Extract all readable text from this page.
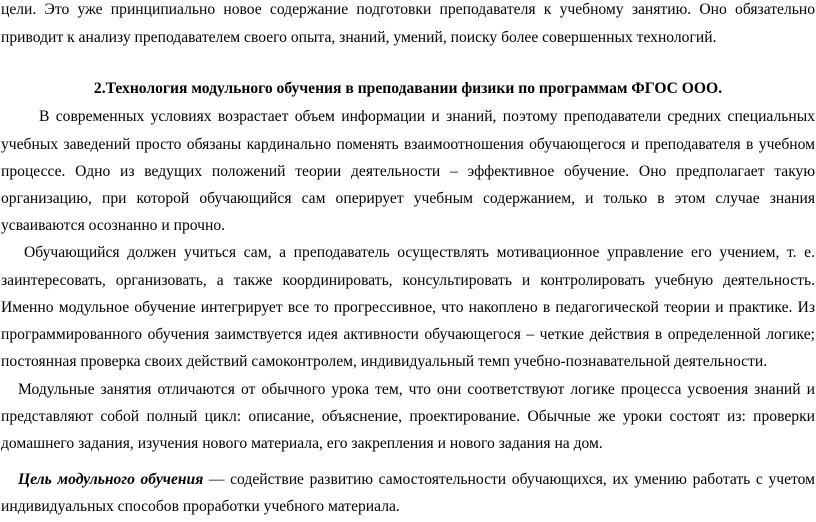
цели. Это уже принципиально новое содержание подготовки преподавателя к учебному занятию. Оно обязательно
приводит к анализу преподавателем своего опыта, знаний, умений, поиску более совершенных технологий.
2.Технология модульного обучения в преподавании физики по программам ФГОС ООО.
В современных условиях возрастает объем информации и знаний, поэтому преподаватели средних специальных
учебных заведений просто обязаны кардинально поменять взаимоотношения обучающегося и преподавателя в учебном
процессе. Одно из ведущих положений теории деятельности – эффективное обучение. Оно предполагает такую
организацию, при которой обучающийся сам оперирует учебным содержанием, и только в этом случае знания
усваиваются осознанно и прочно.
Обучающийся должен учиться сам, а преподаватель осуществлять мотивационное управление его учением, т. е.
заинтересовать, организовать, а также координировать, консультировать и контролировать учебную деятельность.
Именно модульное обучение интегрирует все то прогрессивное, что накоплено в педагогической теории и практике. Из
программированного обучения заимствуется идея активности обучающегося – четкие действия в определенной логике;
постоянная проверка своих действий самоконтролем, индивидуальный темп учебно-познавательной деятельности.
Модульные занятия отличаются от обычного урока тем, что они соответствуют логике процесса усвоения знаний и
представляют собой полный цикл: описание, объяснение, проектирование. Обычные же уроки состоят из: проверки
домашнего задания, изучения нового материала, его закрепления и нового задания на дом.
Цель модульного обучения — содействие развитию самостоятельности обучающихся, их умению работать с учетом
индивидуальных способов проработки учебного материала.
